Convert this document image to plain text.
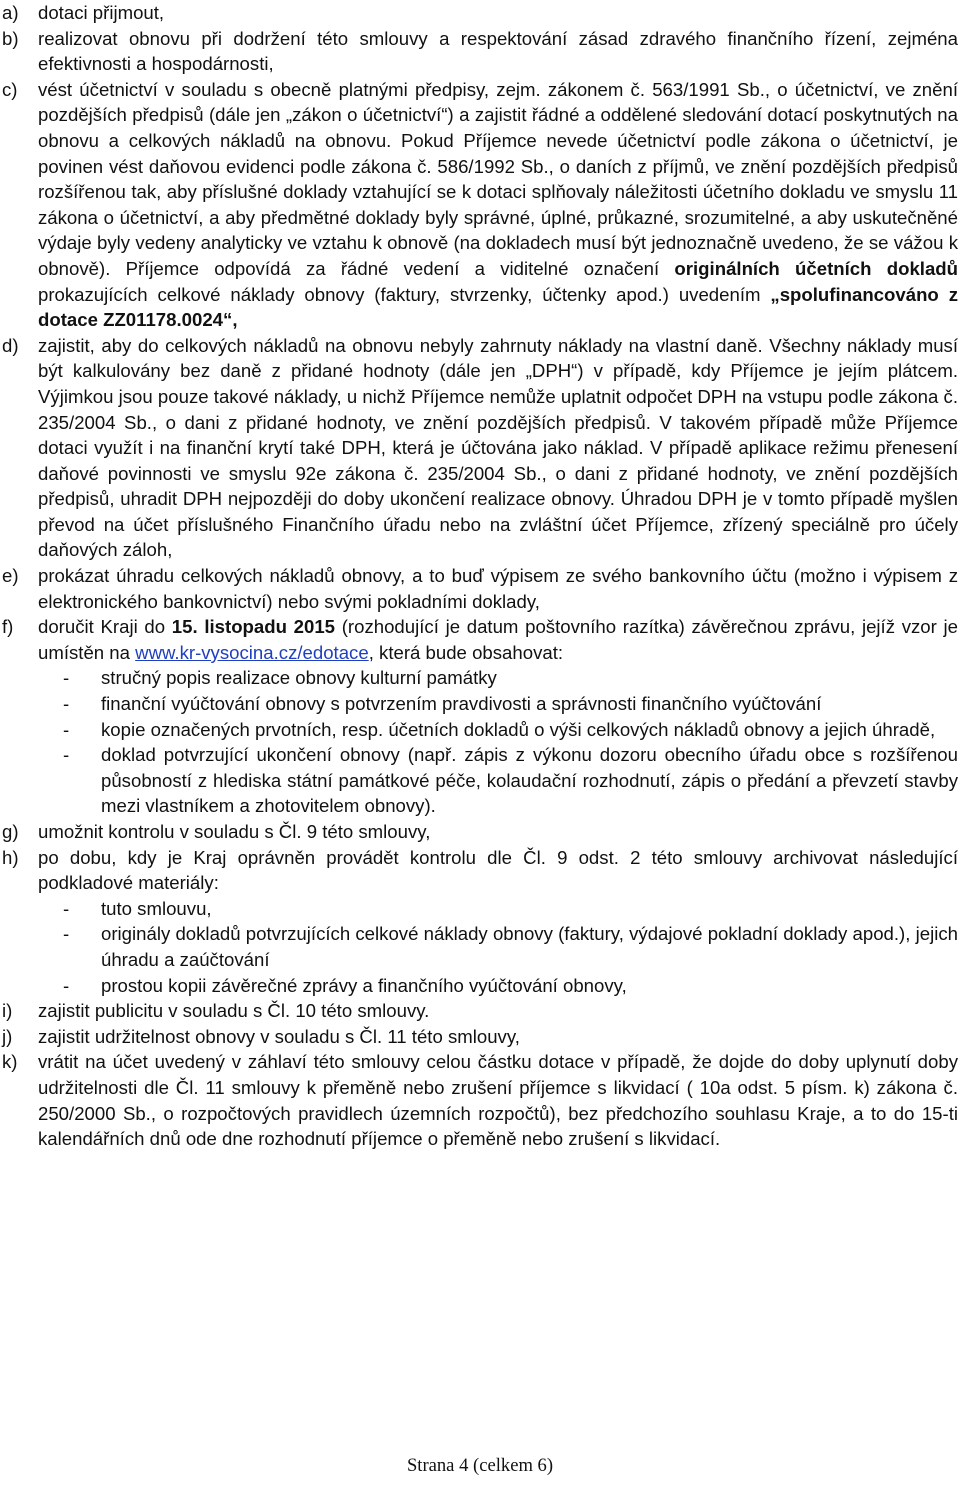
a)	dotaci přijmout,
b)	realizovat obnovu při dodržení této smlouvy a respektování zásad zdravého finančního řízení, zejména efektivnosti a hospodárnosti,
c)	vést účetnictví v souladu s obecně platnými předpisy, zejm. zákonem č. 563/1991 Sb., o účetnictví, ve znění pozdějších předpisů (dále jen „zákon o účetnictví“) a zajistit řádné a oddělené sledování dotací poskytnutých na obnovu a celkových nákladů na obnovu. Pokud Příjemce nevede účetnictví podle zákona o účetnictví, je povinen vést daňovou evidenci podle zákona č. 586/1992 Sb., o daních z příjmů, ve znění pozdějších předpisů rozšířenou tak, aby příslušné doklady vztahující se k dotaci splňovaly náležitosti účetního dokladu ve smyslu 11 zákona o účetnictví, a aby předmětné doklady byly správné, úplné, průkazné, srozumitelné, a aby uskutečněné výdaje byly vedeny analyticky ve vztahu k obnově (na dokladech musí být jednoznačně uvedeno, že se vážou k obnově). Příjemce odpovídá za řádné vedení a viditelné označení originálních účetních dokladů prokazujících celkové náklady obnovy (faktury, stvrzenky, účtenky apod.) uvedením „spolufinancováno z dotace ZZ01178.0024“,
d)	zajistit, aby do celkových nákladů na obnovu nebyly zahrnuty náklady na vlastní daně. Všechny náklady musí být kalkulovány bez daně z přidané hodnoty (dále jen „DPH“) v případě, kdy Příjemce je jejím plátcem. Výjimkou jsou pouze takové náklady, u nichž Příjemce nemůže uplatnit odpočet DPH na vstupu podle zákona č. 235/2004 Sb., o dani z přidané hodnoty, ve znění pozdějších předpisů. V takovém případě může Příjemce dotaci využít i na finanční krytí také DPH, která je účtována jako náklad. V případě aplikace režimu přenesení daňové povinnosti ve smyslu 92e zákona č. 235/2004 Sb., o dani z přidané hodnoty, ve znění pozdějších předpisů, uhradit DPH nejpozději do doby ukončení realizace obnovy. Úhradou DPH je v tomto případě myšlen převod na účet příslušného Finančního úřadu nebo na zvláštní účet Příjemce, zřízený speciálně pro účely daňových záloh,
e)	prokázat úhradu celkových nákladů obnovy, a to buď výpisem ze svého bankovního účtu (možno i výpisem z elektronického bankovnictví) nebo svými pokladními doklady,
f)	doručit Kraji do 15. listopadu 2015 (rozhodující je datum poštovního razítka) závěrečnou zprávu, jejíž vzor je umístěn na www.kr-vysocina.cz/edotace, která bude obsahovat:
-	stručný popis realizace obnovy kulturní památky
-	finanční vyúčtování obnovy s potvrzením pravdivosti a správnosti finančního vyúčtování
-	kopie označených prvotních, resp. účetních dokladů o výši celkových nákladů obnovy a jejich úhradě,
-	doklad potvrzující ukončení obnovy (např. zápis z výkonu dozoru obecního úřadu obce s rozšířenou působností z hlediska státní památkové péče, kolaudační rozhodnutí, zápis o předání a převzetí stavby mezi vlastníkem a zhotovitelem obnovy).
g)	umožnit kontrolu v souladu s Čl. 9 této smlouvy,
h)	po dobu, kdy je Kraj oprávněn provádět kontrolu dle Čl. 9 odst. 2 této smlouvy archivovat následující podkladové materiály:
-	tuto smlouvu,
-	originály dokladů potvrzujících celkové náklady obnovy (faktury, výdajové pokladní doklady apod.), jejich úhradu a zaúčtování
-	prostou kopii závěrečné zprávy a finančního vyúčtování obnovy,
i)	zajistit publicitu v souladu s Čl. 10 této smlouvy.
j)	zajistit udržitelnost obnovy v souladu s Čl. 11 této smlouvy,
k)	vrátit na účet uvedený v záhlaví této smlouvy celou částku dotace v případě, že dojde do doby uplynutí doby udržitelnosti dle Čl. 11 smlouvy k přeměně nebo zrušení příjemce s likvidací ( 10a odst. 5 písm. k) zákona č. 250/2000 Sb., o rozpočtových pravidlech územních rozpočtů), bez předchozího souhlasu Kraje, a to do 15-ti kalendářních dnů ode dne rozhodnutí příjemce o přeměně nebo zrušení s likvidací.
Strana 4 (celkem 6)
